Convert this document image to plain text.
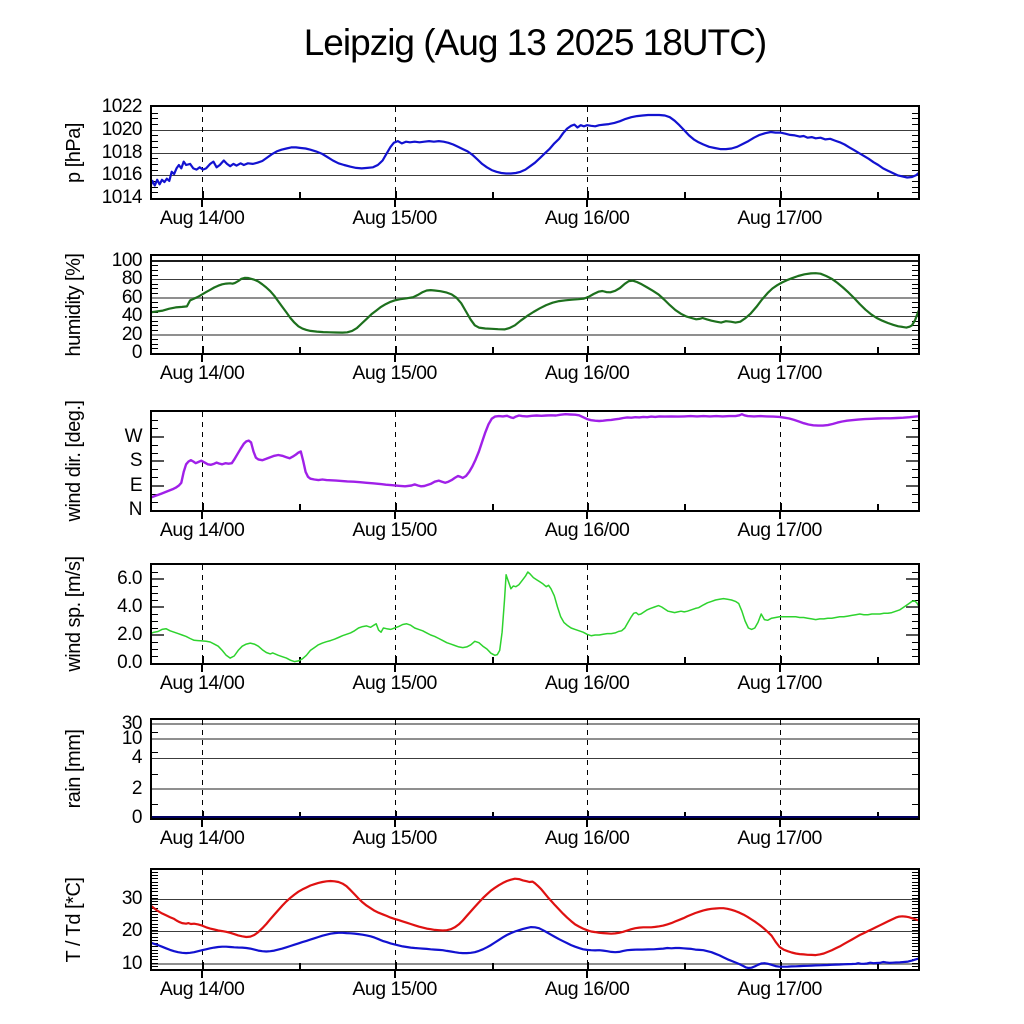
Leipzig (Aug 13 2025 18UTC)
1014
1016
1018
1020
1022
p [hPa]
Aug 14/00	Aug 15/00	Aug 16/00	Aug 17/00
0
20
40
60
80
100
humidity [%]
Aug 14/00	Aug 15/00	Aug 16/00	Aug 17/00
N
E
S
W
wind dir. [deg.]
Aug 14/00	Aug 15/00	Aug 16/00	Aug 17/00
0.0
2.0
4.0
6.0
wind sp. [m/s]
Aug 14/00	Aug 15/00	Aug 16/00	Aug 17/00
0
2
4
10
30
rain [mm]
Aug 14/00	Aug 15/00	Aug 16/00	Aug 17/00
10
20
30
T / Td [*C]
Aug 14/00	Aug 15/00	Aug 16/00	Aug 17/00
